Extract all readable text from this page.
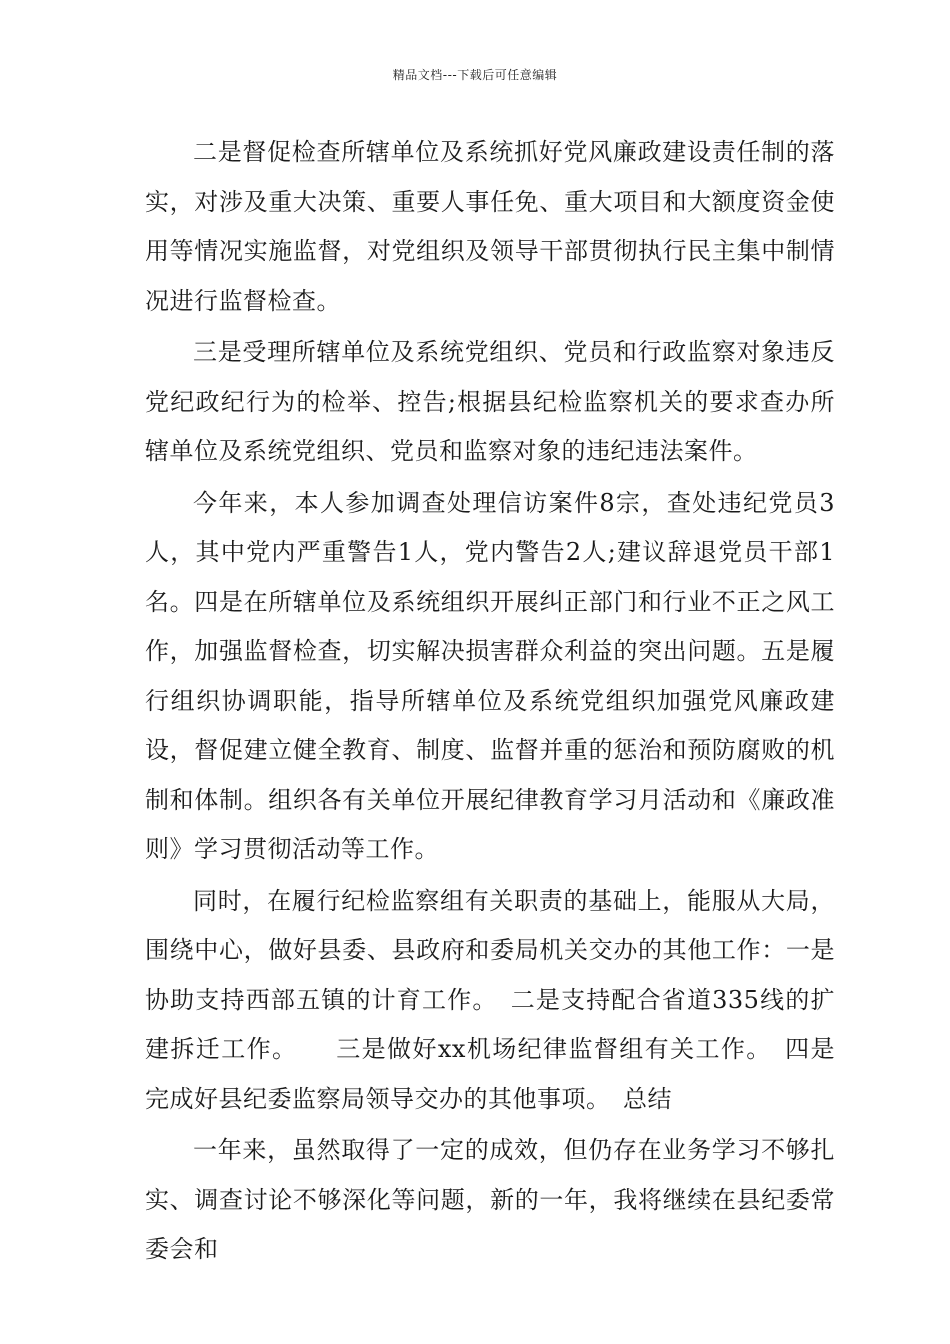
精品文档---下载后可任意编辑

二是督促检查所辖单位及系统抓好党风廉政建设责任制的落实，对涉及重大决策、重要人事任免、重大项目和大额度资金使用等情况实施监督，对党组织及领导干部贯彻执行民主集中制情况进行监督检查。

三是受理所辖单位及系统党组织、党员和行政监察对象违反党纪政纪行为的检举、控告;根据县纪检监察机关的要求查办所辖单位及系统党组织、党员和监察对象的违纪违法案件。

今年来，本人参加调查处理信访案件8宗，查处违纪党员3人，其中党内严重警告1人，党内警告2人;建议辞退党员干部1名。四是在所辖单位及系统组织开展纠正部门和行业不正之风工作，加强监督检查，切实解决损害群众利益的突出问题。五是履行组织协调职能，指导所辖单位及系统党组织加强党风廉政建设，督促建立健全教育、制度、监督并重的惩治和预防腐败的机制和体制。组织各有关单位开展纪律教育学习月活动和《廉政准则》学习贯彻活动等工作。

同时，在履行纪检监察组有关职责的基础上，能服从大局，围绕中心，做好县委、县政府和委局机关交办的其他工作：一是协助支持西部五镇的计育工作。　二是支持配合省道335线的扩建拆迁工作。　　三是做好xx机场纪律监督组有关工作。　四是完成好县纪委监察局领导交办的其他事项。　总结

一年来，虽然取得了一定的成效，但仍存在业务学习不够扎实、调查讨论不够深化等问题，新的一年，我将继续在县纪委常委会和
